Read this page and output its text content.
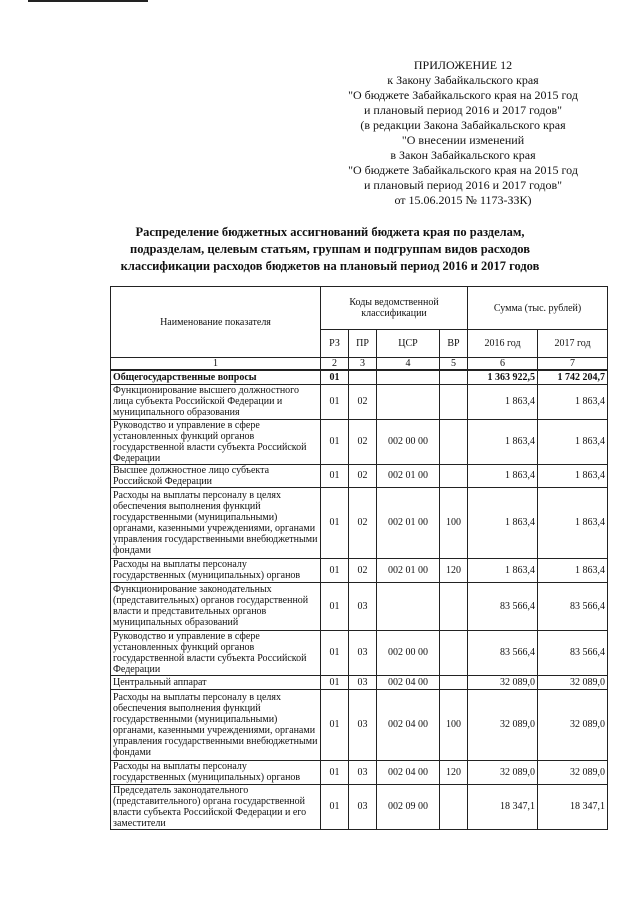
ПРИЛОЖЕНИЕ 12
к Закону Забайкальского края
"О бюджете Забайкальского края на 2015 год
и плановый период 2016 и 2017 годов"
(в редакции Закона Забайкальского края
"О внесении изменений
в Закон Забайкальского края
"О бюджете Забайкальского края на 2015 год
и плановый период 2016 и 2017 годов"
от 15.06.2015 № 1173-ЗЗК)
Распределение бюджетных ассигнований бюджета края по разделам,
подразделам, целевым статьям, группам и подгруппам видов расходов
классификации расходов бюджетов на плановый период 2016 и 2017 годов
Наименование показателя	Коды ведомственной классификации				Сумма (тыс. рублей)	
	РЗ	ПР	ЦСР	ВР	2016 год	2017 год
1	2	3	4	5	6	7
Общегосударственные вопросы	01				1 363 922,5	1 742 204,7
Функционирование высшего должностного лица субъекта Российской Федерации и муниципального образования	01	02			1 863,4	1 863,4
Руководство и управление в сфере установленных функций органов государственной власти субъекта Российской Федерации	01	02	002 00 00		1 863,4	1 863,4
Высшее должностное лицо субъекта Российской Федерации	01	02	002 01 00		1 863,4	1 863,4
Расходы на выплаты персоналу в целях обеспечения выполнения функций государственными (муниципальными) органами, казенными учреждениями, органами управления государственными внебюджетными фондами	01	02	002 01 00	100	1 863,4	1 863,4
Расходы на выплаты персоналу государственных (муниципальных) органов	01	02	002 01 00	120	1 863,4	1 863,4
Функционирование законодательных (представительных) органов государственной власти и представительных органов муниципальных образований	01	03			83 566,4	83 566,4
Руководство и управление в сфере установленных функций органов государственной власти субъекта Российской Федерации	01	03	002 00 00		83 566,4	83 566,4
Центральный аппарат	01	03	002 04 00		32 089,0	32 089,0
Расходы на выплаты персоналу в целях обеспечения выполнения функций государственными (муниципальными) органами, казенными учреждениями, органами управления государственными внебюджетными фондами	01	03	002 04 00	100	32 089,0	32 089,0
Расходы на выплаты персоналу государственных (муниципальных) органов	01	03	002 04 00	120	32 089,0	32 089,0
Председатель законодательного (представительного) органа государственной власти субъекта Российской Федерации и его заместители	01	03	002 09 00		18 347,1	18 347,1
